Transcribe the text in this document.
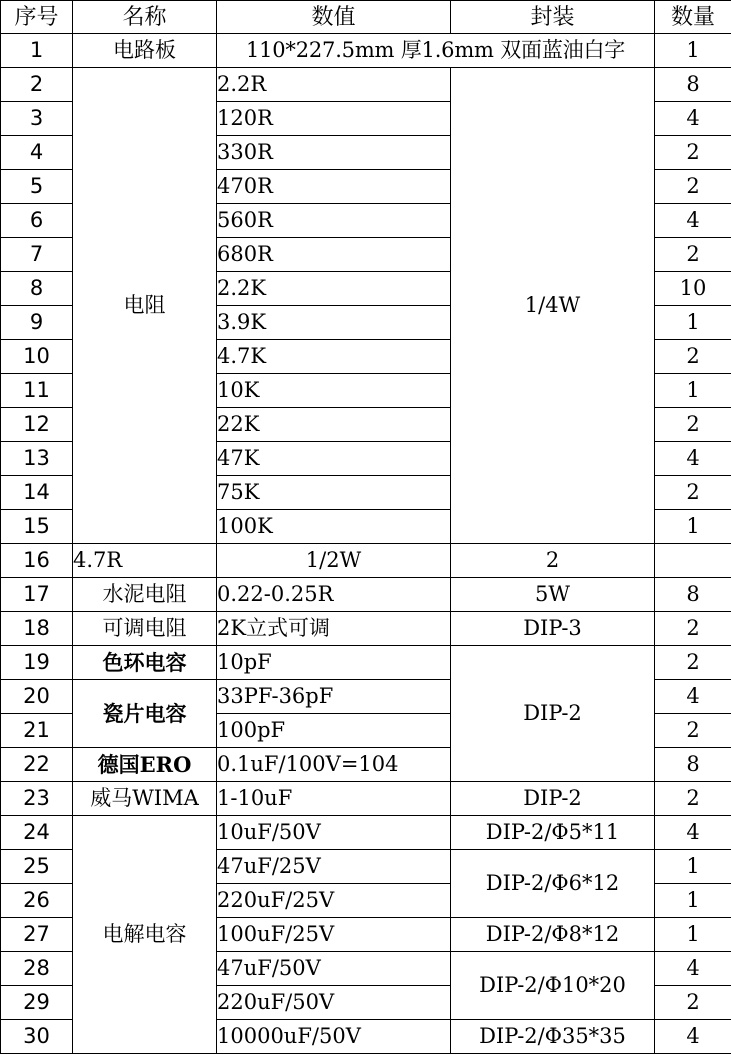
序号	名称	数值	封装	数量
1	电路板	110*227.5mm 厚1.6mm 双面蓝油白字		1
2	电阻	2.2R	1/4W	8
3		120R		4
4		330R		2
5		470R		2
6		560R		4
7		680R		2
8		2.2K		10
9		3.9K		1
10		4.7K		2
11		10K		1
12		22K		2
13		47K		4
14		75K		2
15		100K		1
16	4.7R	1/2W	2	
17	水泥电阻	0.22-0.25R	5W	8
18	可调电阻	2K立式可调	DIP-3	2
19	色环电容	10pF	DIP-2	2
20	瓷片电容	33PF-36pF		4
21		100pF		2
22	德国ERO	0.1uF/100V=104		8
23	威马WIMA	1-10uF	DIP-2	2
24	电解电容	10uF/50V	DIP-2/Φ5*11	4
25		47uF/25V	DIP-2/Φ6*12	1
26		220uF/25V		1
27		100uF/25V	DIP-2/Φ8*12	1
28		47uF/50V	DIP-2/Φ10*20	4
29		220uF/50V		2
30		10000uF/50V	DIP-2/Φ35*35	4
